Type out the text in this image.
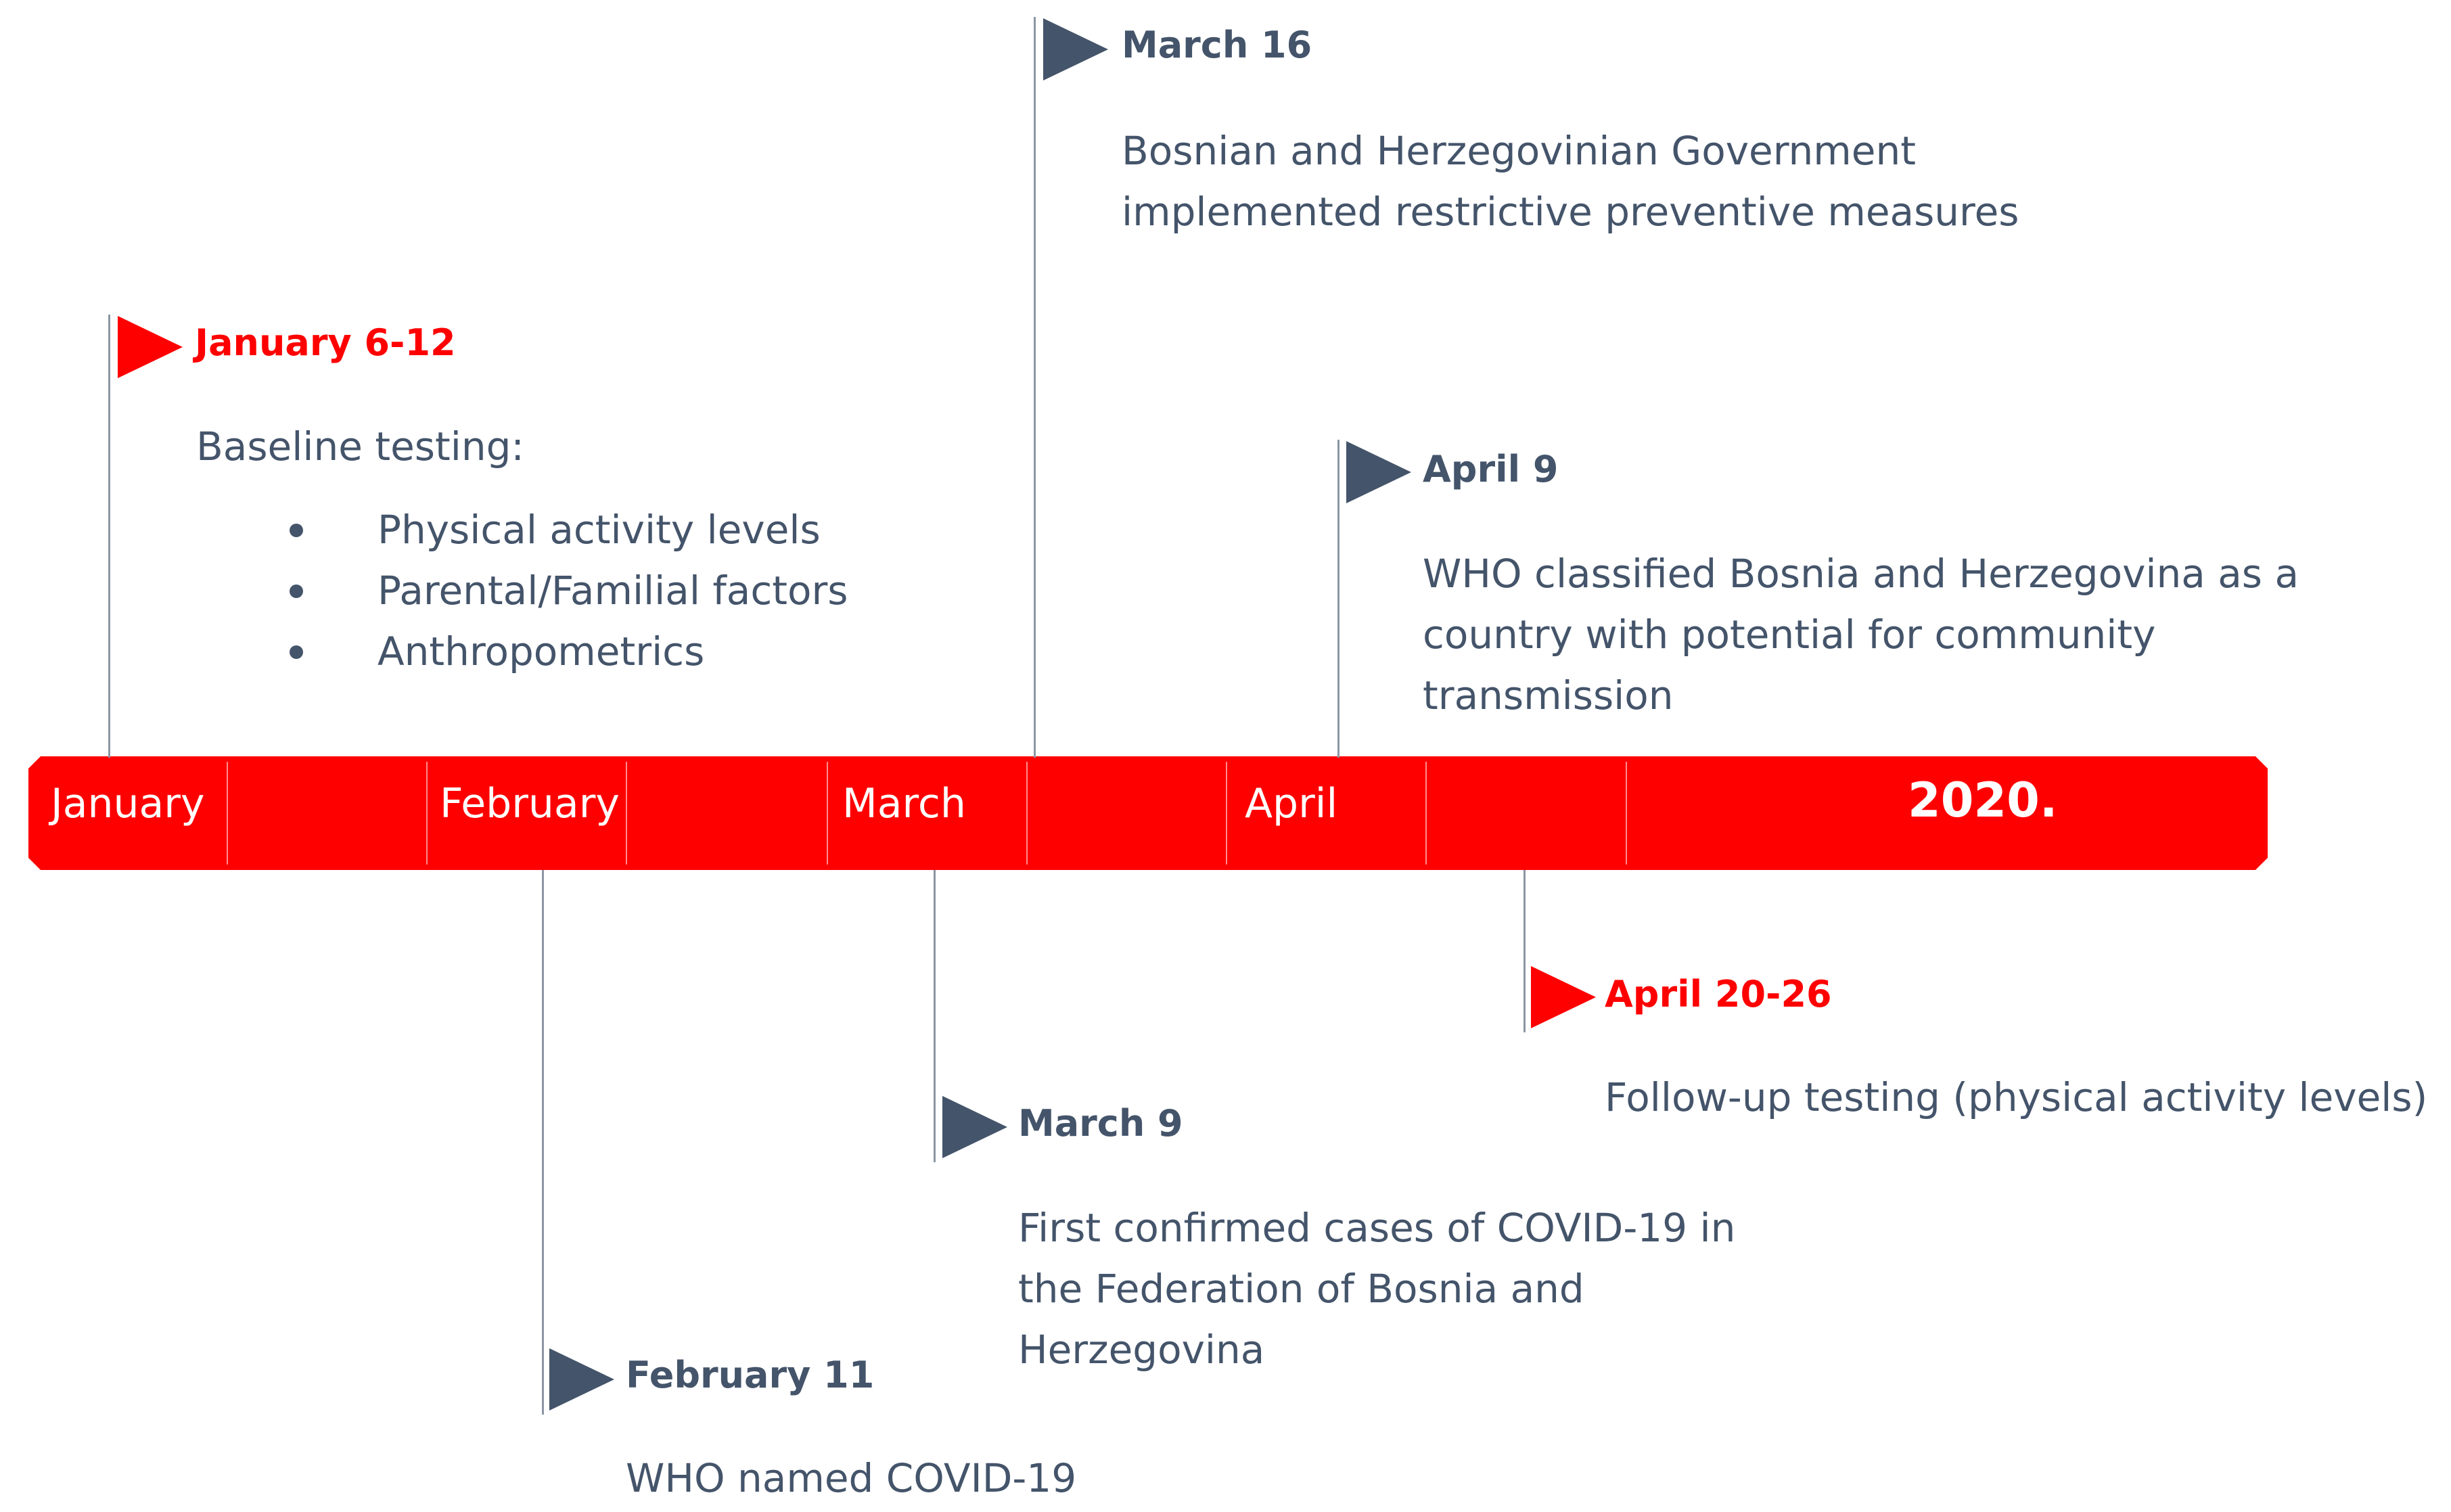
January	February	March	April	2020.
January 6-12
Baseline testing:
Physical activity levels
Parental/Familial factors
Anthropometrics
March 16
Bosnian and Herzegovinian Government
implemented restrictive preventive measures
April 9
WHO classified Bosnia and Herzegovina as a
country with potential for community
transmission
February 11
WHO named COVID-19
March 9
First confirmed cases of COVID-19 in
the Federation of Bosnia and
Herzegovina
April 20-26
Follow-up testing (physical activity levels)
